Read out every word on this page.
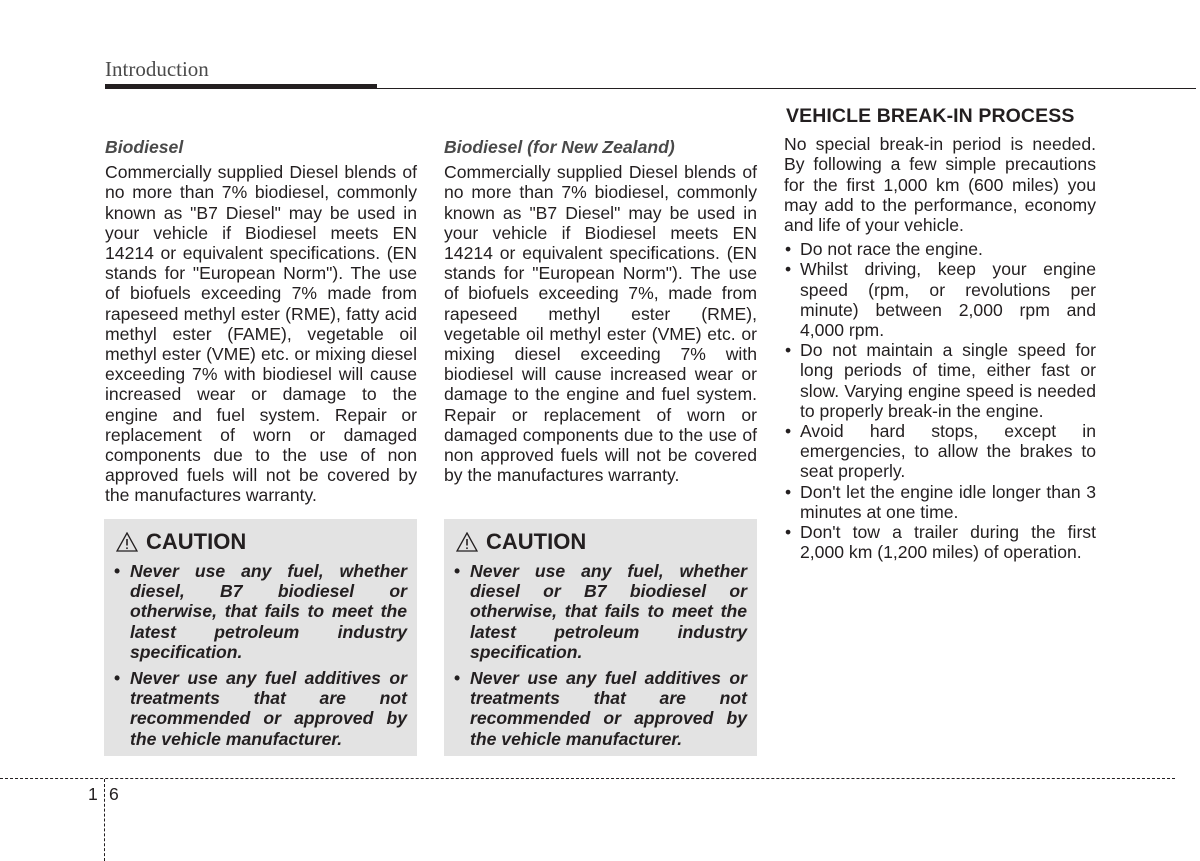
Introduction

Biodiesel

Commercially supplied Diesel blends of no more than 7% biodiesel, commonly known as "B7 Diesel" may be used in your vehicle if Biodiesel meets EN 14214 or equivalent specifications. (EN stands for "European Norm"). The use of biofuels exceeding 7% made from rapeseed methyl ester (RME), fatty acid methyl ester (FAME), vegetable oil methyl ester (VME) etc. or mixing diesel exceeding 7% with biodiesel will cause increased wear or damage to the engine and fuel system. Repair or replacement of worn or damaged components due to the use of non approved fuels will not be covered by the manufactures warranty.

CAUTION
• Never use any fuel, whether diesel, B7 biodiesel or otherwise, that fails to meet the latest petroleum industry specification.
• Never use any fuel additives or treatments that are not recommended or approved by the vehicle manufacturer.

Biodiesel (for New Zealand)

Commercially supplied Diesel blends of no more than 7% biodiesel, commonly known as "B7 Diesel" may be used in your vehicle if Biodiesel meets EN 14214 or equivalent specifications. (EN stands for "European Norm"). The use of biofuels exceeding 7%, made from rapeseed methyl ester (RME), vegetable oil methyl ester (VME) etc. or mixing diesel exceeding 7% with biodiesel will cause increased wear or damage to the engine and fuel system. Repair or replacement of worn or damaged components due to the use of non approved fuels will not be covered by the manufactures warranty.

CAUTION
• Never use any fuel, whether diesel or B7 biodiesel or otherwise, that fails to meet the latest petroleum industry specification.
• Never use any fuel additives or treatments that are not recommended or approved by the vehicle manufacturer.
VEHICLE BREAK-IN PROCESS

No special break-in period is needed. By following a few simple precautions for the first 1,000 km (600 miles) you may add to the performance, economy and life of your vehicle.

• Do not race the engine.
• Whilst driving, keep your engine speed (rpm, or revolutions per minute) between 2,000 rpm and 4,000 rpm.
• Do not maintain a single speed for long periods of time, either fast or slow. Varying engine speed is needed to properly break-in the engine.
• Avoid hard stops, except in emergencies, to allow the brakes to seat properly.
• Don't let the engine idle longer than 3 minutes at one time.
• Don't tow a trailer during the first 2,000 km (1,200 miles) of operation.
1 6
